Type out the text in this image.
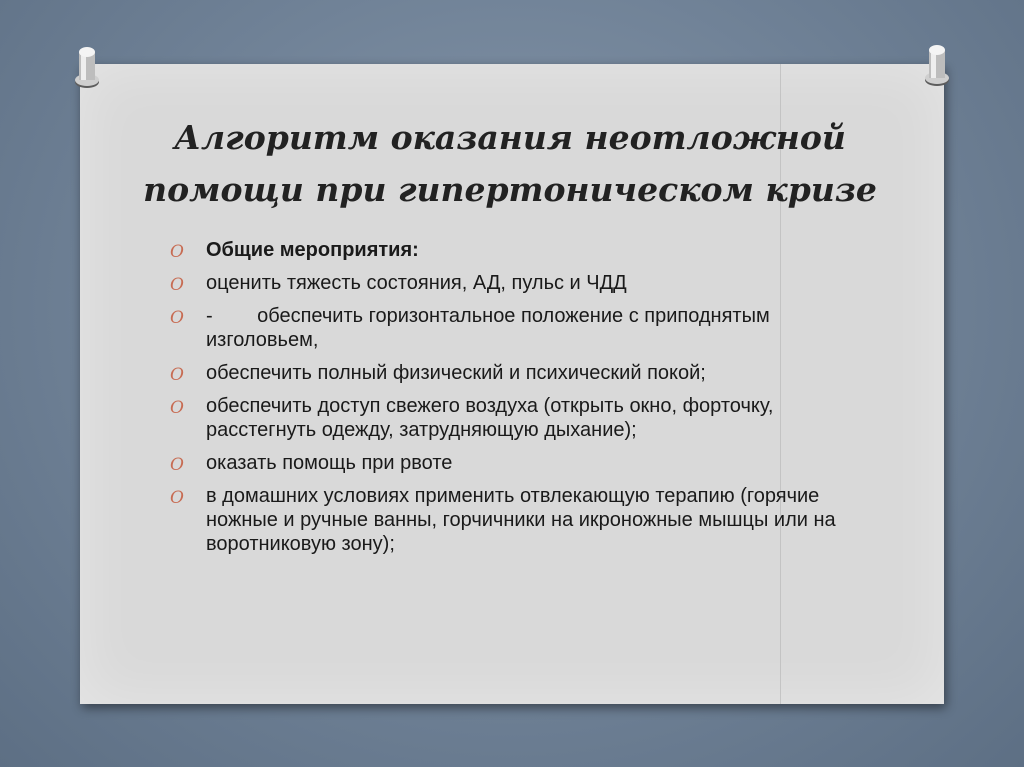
Алгоритм оказания неотложной
помощи при гипертоническом кризе
O Общие мероприятия:
O оценить тяжесть состояния, АД, пульс и ЧДД
O -        обеспечить горизонтальное положение с приподнятым изголовьем,
O обеспечить полный физический и психический покой;
O обеспечить доступ свежего воздуха (открыть окно, форточку, расстегнуть одежду, затрудняющую дыхание);
O оказать помощь при рвоте
O в домашних условиях применить отвлекающую терапию (горячие ножные и ручные ванны, горчичники на икроножные мышцы или на воротниковую зону);
